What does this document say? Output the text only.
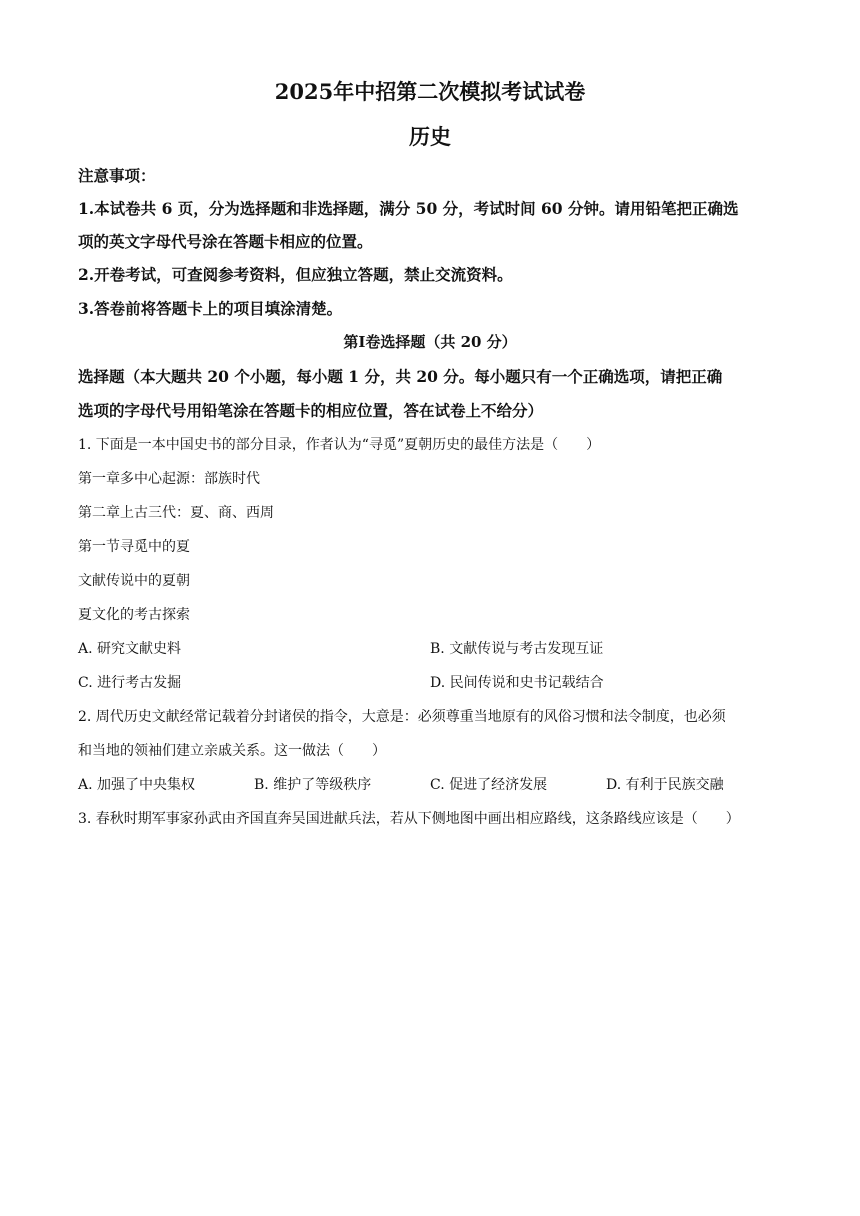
2025年中招第二次模拟考试试卷
历史
注意事项：
1.本试卷共 6 页，分为选择题和非选择题，满分 50 分，考试时间 60 分钟。请用铅笔把正确选
项的英文字母代号涂在答题卡相应的位置。
2.开卷考试，可查阅参考资料，但应独立答题，禁止交流资料。
3.答卷前将答题卡上的项目填涂清楚。
第Ⅰ卷选择题（共 20 分）
选择题（本大题共 20 个小题，每小题 1 分，共 20 分。每小题只有一个正确选项，请把正确
选项的字母代号用铅笔涂在答题卡的相应位置，答在试卷上不给分）
1. 下面是一本中国史书的部分目录，作者认为“寻觅”夏朝历史的最佳方法是（　　）
第一章多中心起源：部族时代
第二章上古三代：夏、商、西周
第一节寻觅中的夏
文献传说中的夏朝
夏文化的考古探索
A. 研究文献史料	B. 文献传说与考古发现互证
C. 进行考古发掘	D. 民间传说和史书记载结合
2. 周代历史文献经常记载着分封诸侯的指令，大意是：必须尊重当地原有的风俗习惯和法令制度，也必须
和当地的领袖们建立亲戚关系。这一做法（　　）
A. 加强了中央集权	B. 维护了等级秩序	C. 促进了经济发展	D. 有利于民族交融
3. 春秋时期军事家孙武由齐国直奔吴国进献兵法，若从下侧地图中画出相应路线，这条路线应该是（　　）
